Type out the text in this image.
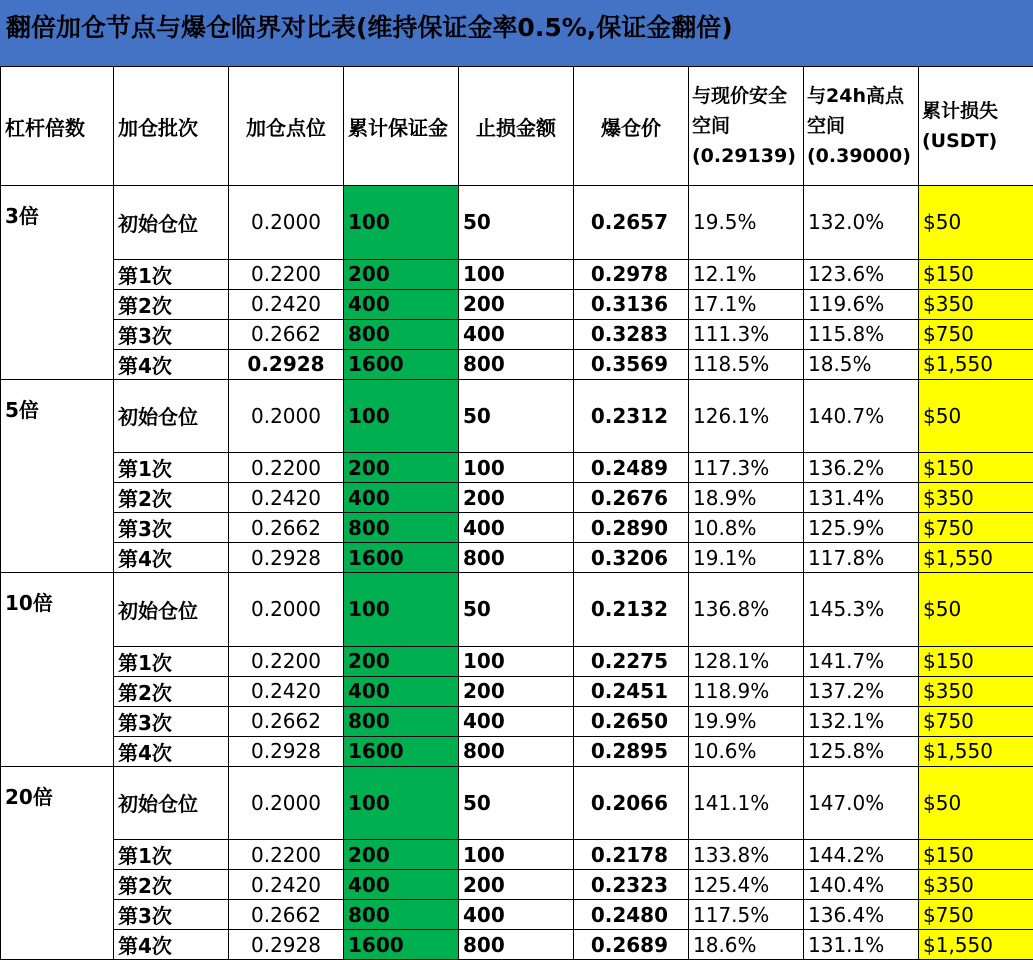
翻倍加仓节点与爆仓临界对比表(维持保证金率0.5%,保证金翻倍)
杠杆倍数	加仓批次	加仓点位	累计保证金	止损金额	爆仓价	与现价安全空间(0.29139)	与24h高点空间(0.39000)	累计损失(USDT)
3倍	初始仓位	0.2000	100	50	0.2657	19.5%	132.0%	$50
	第1次	0.2200	200	100	0.2978	12.1%	123.6%	$150
	第2次	0.2420	400	200	0.3136	17.1%	119.6%	$350
	第3次	0.2662	800	400	0.3283	111.3%	115.8%	$750
	第4次	0.2928	1600	800	0.3569	118.5%	18.5%	$1,550
5倍	初始仓位	0.2000	100	50	0.2312	126.1%	140.7%	$50
	第1次	0.2200	200	100	0.2489	117.3%	136.2%	$150
	第2次	0.2420	400	200	0.2676	18.9%	131.4%	$350
	第3次	0.2662	800	400	0.2890	10.8%	125.9%	$750
	第4次	0.2928	1600	800	0.3206	19.1%	117.8%	$1,550
10倍	初始仓位	0.2000	100	50	0.2132	136.8%	145.3%	$50
	第1次	0.2200	200	100	0.2275	128.1%	141.7%	$150
	第2次	0.2420	400	200	0.2451	118.9%	137.2%	$350
	第3次	0.2662	800	400	0.2650	19.9%	132.1%	$750
	第4次	0.2928	1600	800	0.2895	10.6%	125.8%	$1,550
20倍	初始仓位	0.2000	100	50	0.2066	141.1%	147.0%	$50
	第1次	0.2200	200	100	0.2178	133.8%	144.2%	$150
	第2次	0.2420	400	200	0.2323	125.4%	140.4%	$350
	第3次	0.2662	800	400	0.2480	117.5%	136.4%	$750
	第4次	0.2928	1600	800	0.2689	18.6%	131.1%	$1,550
